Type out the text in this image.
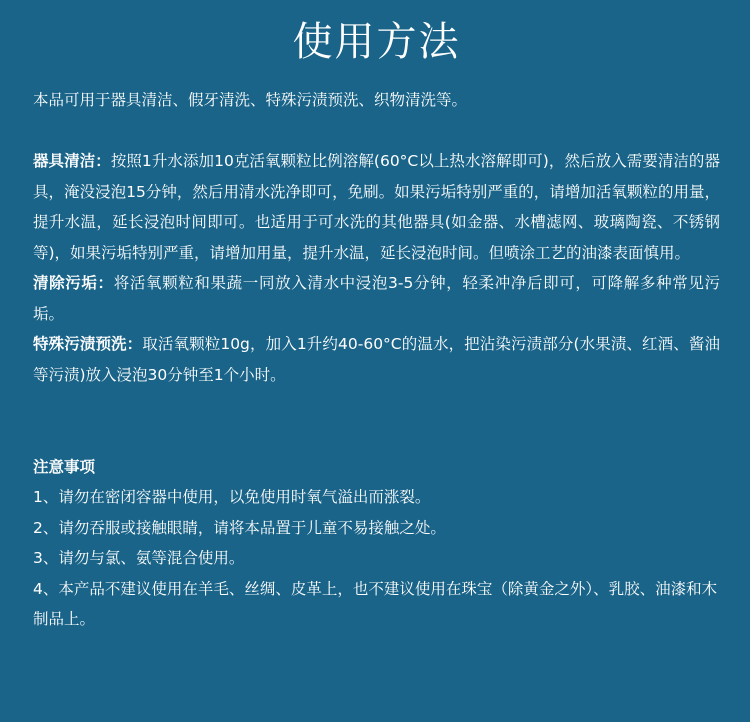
使用方法

本品可用于器具清洁、假牙清洗、特殊污渍预洗、织物清洗等。

器具清洁：按照1升水添加10克活氧颗粒比例溶解(60°C以上热水溶解即可)，然后放入需要清洁的器具，淹没浸泡15分钟，然后用清水洗净即可，免刷。如果污垢特别严重的，请增加活氧颗粒的用量，提升水温，延长浸泡时间即可。也适用于可水洗的其他器具(如金器、水槽滤网、玻璃陶瓷、不锈钢等)，如果污垢特别严重，请增加用量，提升水温，延长浸泡时间。但喷涂工艺的油漆表面慎用。

清除污垢：将活氧颗粒和果蔬一同放入清水中浸泡3-5分钟，轻柔冲净后即可，可降解多种常见污垢。

特殊污渍预洗：取活氧颗粒10g，加入1升约40-60°C的温水，把沾染污渍部分(水果渍、红酒、酱油等污渍)放入浸泡30分钟至1个小时。

注意事项

1、请勿在密闭容器中使用，以免使用时氧气溢出而涨裂。

2、请勿吞服或接触眼睛，请将本品置于儿童不易接触之处。

3、请勿与氯、氨等混合使用。

4、本产品不建议使用在羊毛、丝绸、皮革上，也不建议使用在珠宝（除黄金之外）、乳胶、油漆和木制品上。
